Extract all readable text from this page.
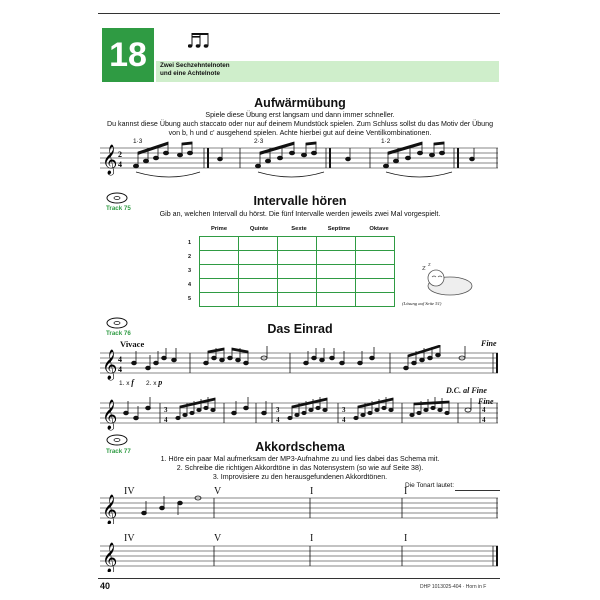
18	Zwei Sechzehntelnoten
und eine Achtelnote
Aufwärmübung
Spiele diese Übung erst langsam und dann immer schneller.
Du kannst diese Übung auch staccato oder nur auf deinem Mundstück spielen. Zum Schluss sollst du das Motiv der Übung
von b, h und c' ausgehend spielen. Achte hierbei gut auf deine Ventilkombinationen.
1·3	2·3	1·2
𝄞 2
4
Track 75
Intervalle hören
Gib an, welchen Intervall du hörst. Die fünf Intervalle werden jeweils zwei Mal vorgespielt.
Prime	Quinte	Sexte	Septime	Oktave
1
2
3
4
5

z z
(Lösung auf Seite 51)
Track 76	Das Einrad
Vivace	Fine
𝄞 4
4
1. x f 2. x p
D.C. al Fine
Fine
𝄞	3
4
3
4
3
4
4
4
Track 77	Akkordschema
1. Höre ein paar Mal aufmerksam der MP3-Aufnahme zu und lies dabei das Schema mit.
2. Schreibe die richtigen Akkordtöne in das Notensystem (so wie auf Seite 38).
3. Improvisiere zu den herausgefundenen Akkordtönen.
Die Tonart lautet:
IV	V	I	I
𝄞
IV	V	I	I
𝄞
40	DHP 1013025-404 · Horn in F
